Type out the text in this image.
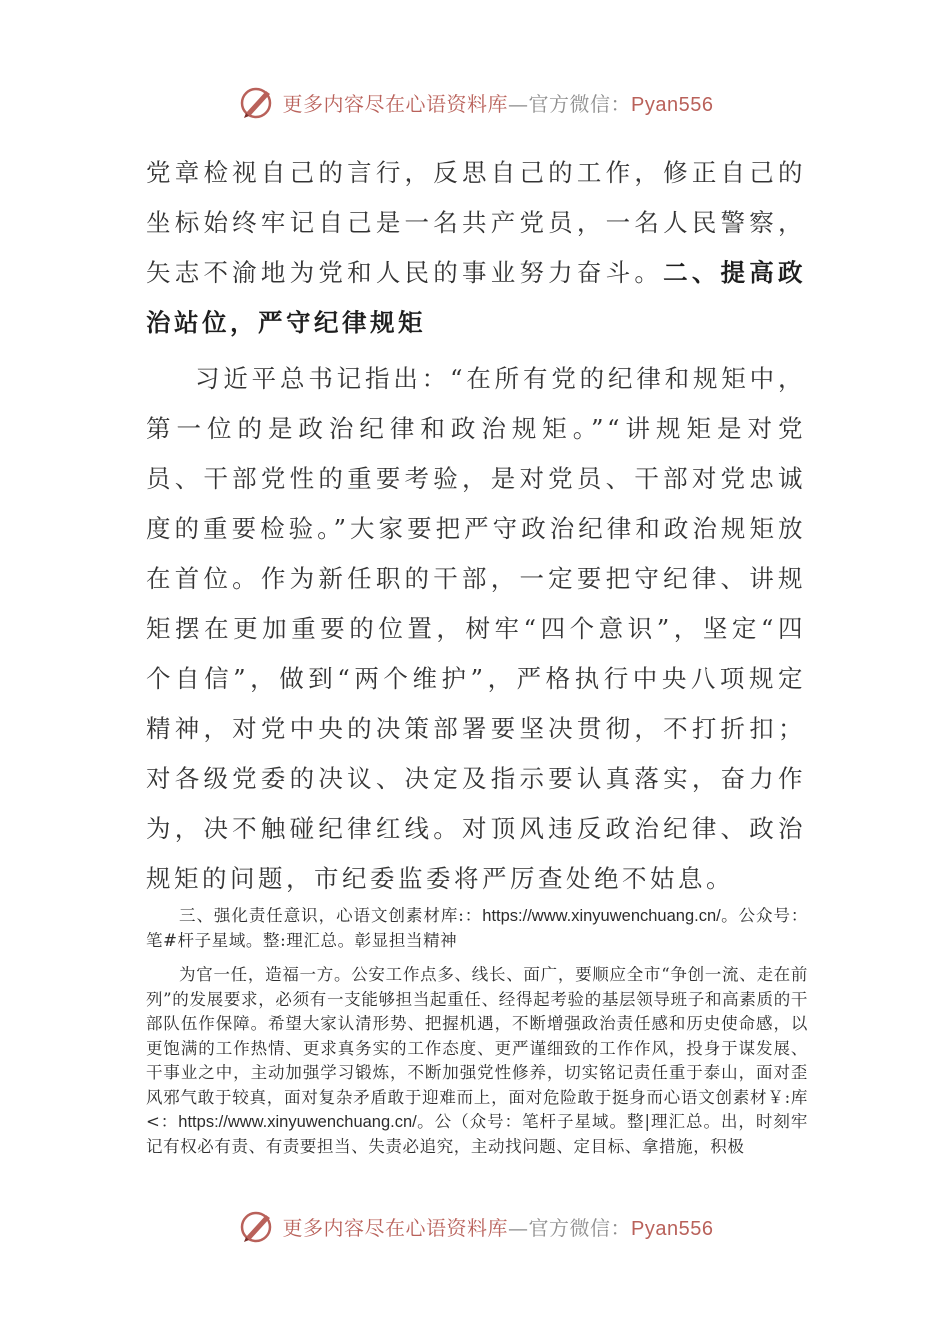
更多内容尽在心语资料库—官方微信：Pyan556

党章检视自己的言行，反思自己的工作，修正自己的坐标始终牢记自己是一名共产党员，一名人民警察，矢志不渝地为党和人民的事业努力奋斗。二、提高政治站位，严守纪律规矩

习近平总书记指出：“在所有党的纪律和规矩中，第一位的是政治纪律和政治规矩。”“讲规矩是对党员、干部党性的重要考验，是对党员、干部对党忠诚度的重要检验。”大家要把严守政治纪律和政治规矩放在首位。作为新任职的干部，一定要把守纪律、讲规矩摆在更加重要的位置，树牢“四个意识”，坚定“四个自信”，做到“两个维护”，严格执行中央八项规定精神，对党中央的决策部署要坚决贯彻，不打折扣；对各级党委的决议、决定及指示要认真落实，奋力作为，决不触碰纪律红线。对顶风违反政治纪律、政治规矩的问题，市纪委监委将严厉查处绝不姑息。

三、强化责任意识，心语文创素材库:：https://www.xinyuwenchuang.cn/。公众号：笔#杆子星域。整:理汇总。彰显担当精神

为官一任，造福一方。公安工作点多、线长、面广，要顺应全市“争创一流、走在前列”的发展要求，必须有一支能够担当起重任、经得起考验的基层领导班子和高素质的干部队伍作保障。希望大家认清形势、把握机遇，不断增强政治责任感和历史使命感，以更饱满的工作热情、更求真务实的工作态度、更严谨细致的工作作风，投身于谋发展、干事业之中，主动加强学习锻炼，不断加强党性修养，切实铭记责任重于泰山，面对歪风邪气敢于较真，面对复杂矛盾敢于迎难而上，面对危险敢于挺身而心语文创素材￥:库<：https://www.xinyuwenchuang.cn/。公（众号：笔杆子星域。整|理汇总。出，时刻牢记有权必有责、有责要担当、失责必追究，主动找问题、定目标、拿措施，积极

更多内容尽在心语资料库—官方微信：Pyan556
